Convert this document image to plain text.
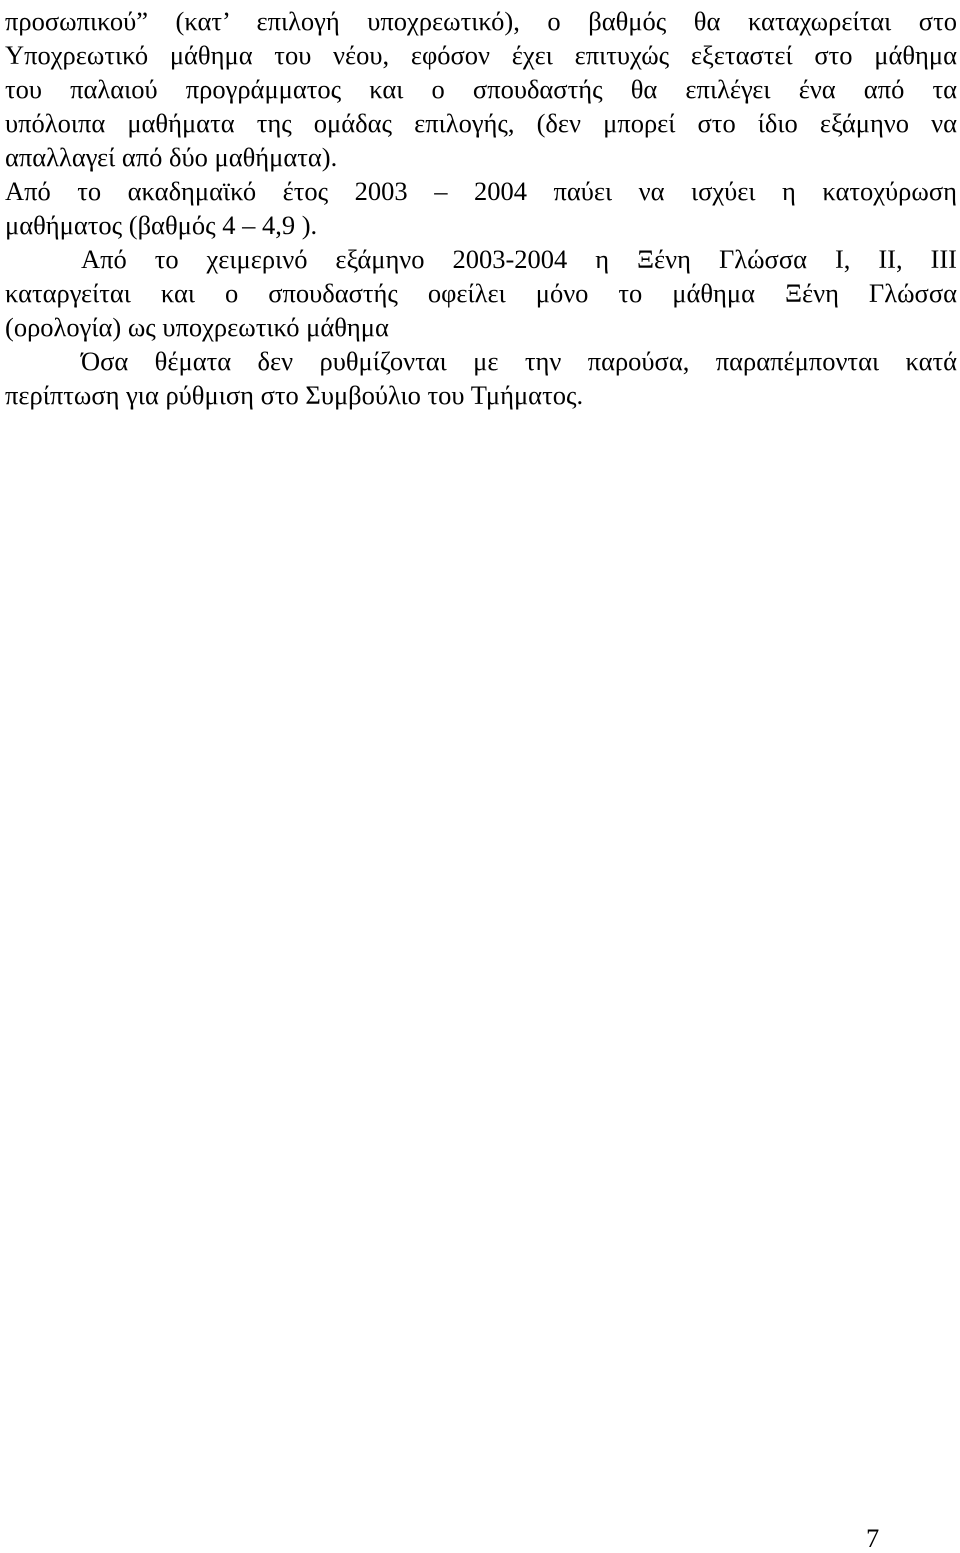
προσωπικού” (κατ’ επιλογή υποχρεωτικό), ο βαθμός θα καταχωρείται στο
Υποχρεωτικό μάθημα του νέου, εφόσον έχει επιτυχώς εξεταστεί στο μάθημα
του παλαιού προγράμματος και ο σπουδαστής θα επιλέγει ένα από τα
υπόλοιπα μαθήματα της ομάδας επιλογής, (δεν μπορεί στο ίδιο εξάμηνο να
απαλλαγεί από δύο μαθήματα).
Από το ακαδημαϊκό έτος 2003 – 2004 παύει να ισχύει η κατοχύρωση
μαθήματος (βαθμός 4 – 4,9 ).
Από το χειμερινό εξάμηνο 2003-2004 η Ξένη Γλώσσα Ι, ΙΙ, ΙΙΙ
καταργείται και ο σπουδαστής οφείλει μόνο το μάθημα Ξένη Γλώσσα
(ορολογία) ως υποχρεωτικό μάθημα
Όσα θέματα δεν ρυθμίζονται με την παρούσα, παραπέμπονται κατά
περίπτωση για ρύθμιση στο Συμβούλιο του Τμήματος.
7
